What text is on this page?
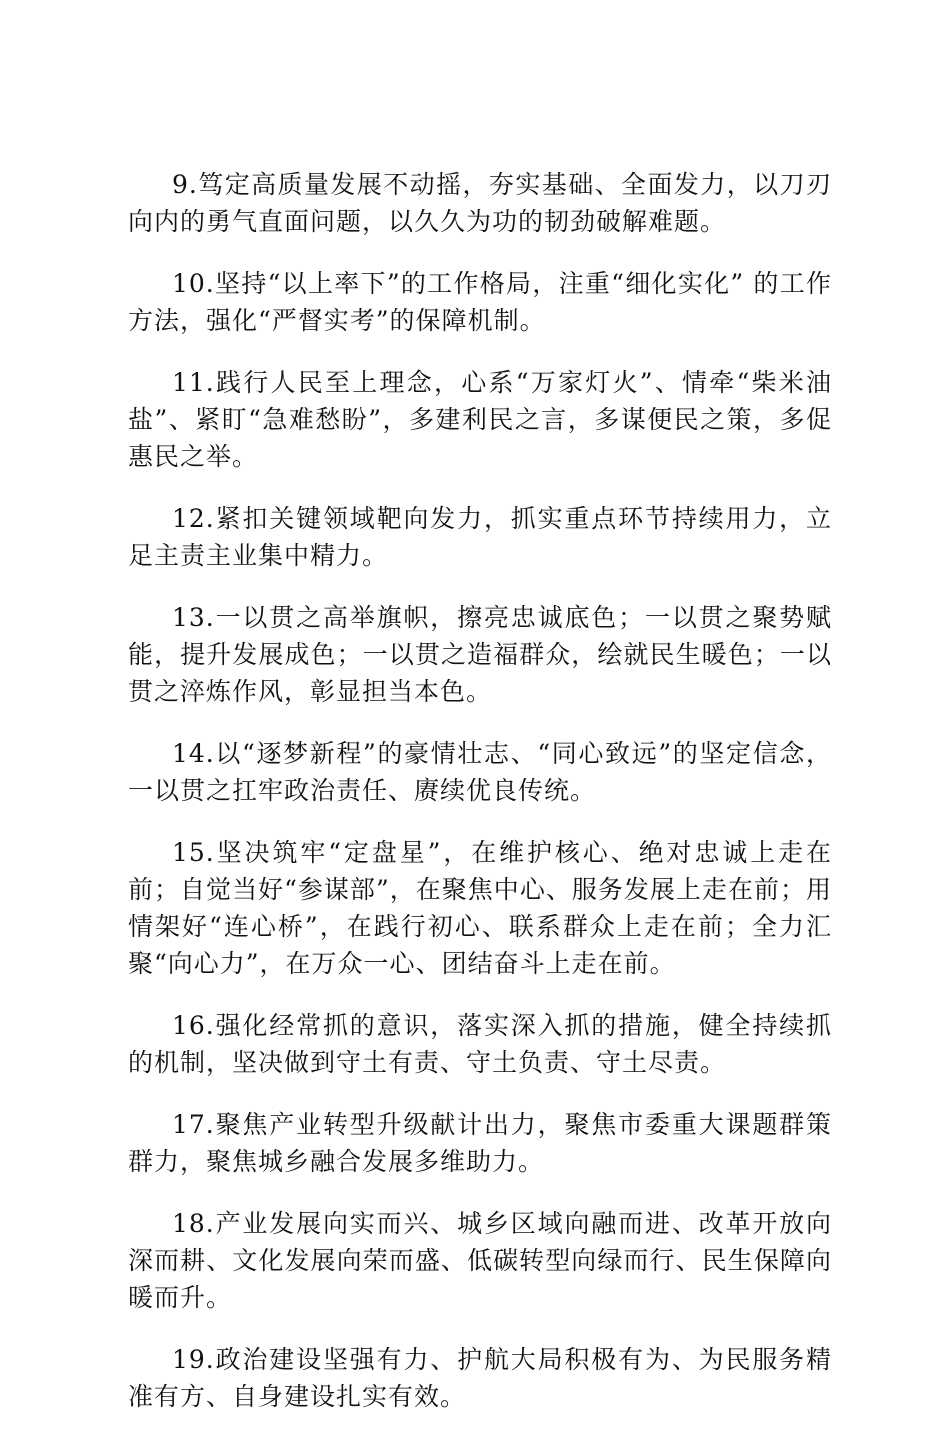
9.笃定高质量发展不动摇，夯实基础、全面发力，以刀刃向内的勇气直面问题，以久久为功的韧劲破解难题。

10.坚持“以上率下”的工作格局，注重“细化实化” 的工作方法，强化“严督实考”的保障机制。

11.践行人民至上理念，心系“万家灯火”、情牵“柴米油盐”、紧盯“急难愁盼”，多建利民之言，多谋便民之策，多促惠民之举。

12.紧扣关键领域靶向发力，抓实重点环节持续用力，立足主责主业集中精力。

13.一以贯之高举旗帜，擦亮忠诚底色；一以贯之聚势赋能，提升发展成色；一以贯之造福群众，绘就民生暖色；一以贯之淬炼作风，彰显担当本色。

14.以“逐梦新程”的豪情壮志、“同心致远”的坚定信念，一以贯之扛牢政治责任、赓续优良传统。

15.坚决筑牢“定盘星”，在维护核心、绝对忠诚上走在前；自觉当好“参谋部”，在聚焦中心、服务发展上走在前；用情架好“连心桥”，在践行初心、联系群众上走在前；全力汇聚“向心力”，在万众一心、团结奋斗上走在前。

16.强化经常抓的意识，落实深入抓的措施，健全持续抓的机制，坚决做到守土有责、守土负责、守土尽责。

17.聚焦产业转型升级献计出力，聚焦市委重大课题群策群力，聚焦城乡融合发展多维助力。

18.产业发展向实而兴、城乡区域向融而进、改革开放向深而耕、文化发展向荣而盛、低碳转型向绿而行、民生保障向暖而升。

19.政治建设坚强有力、护航大局积极有为、为民服务精准有方、自身建设扎实有效。
